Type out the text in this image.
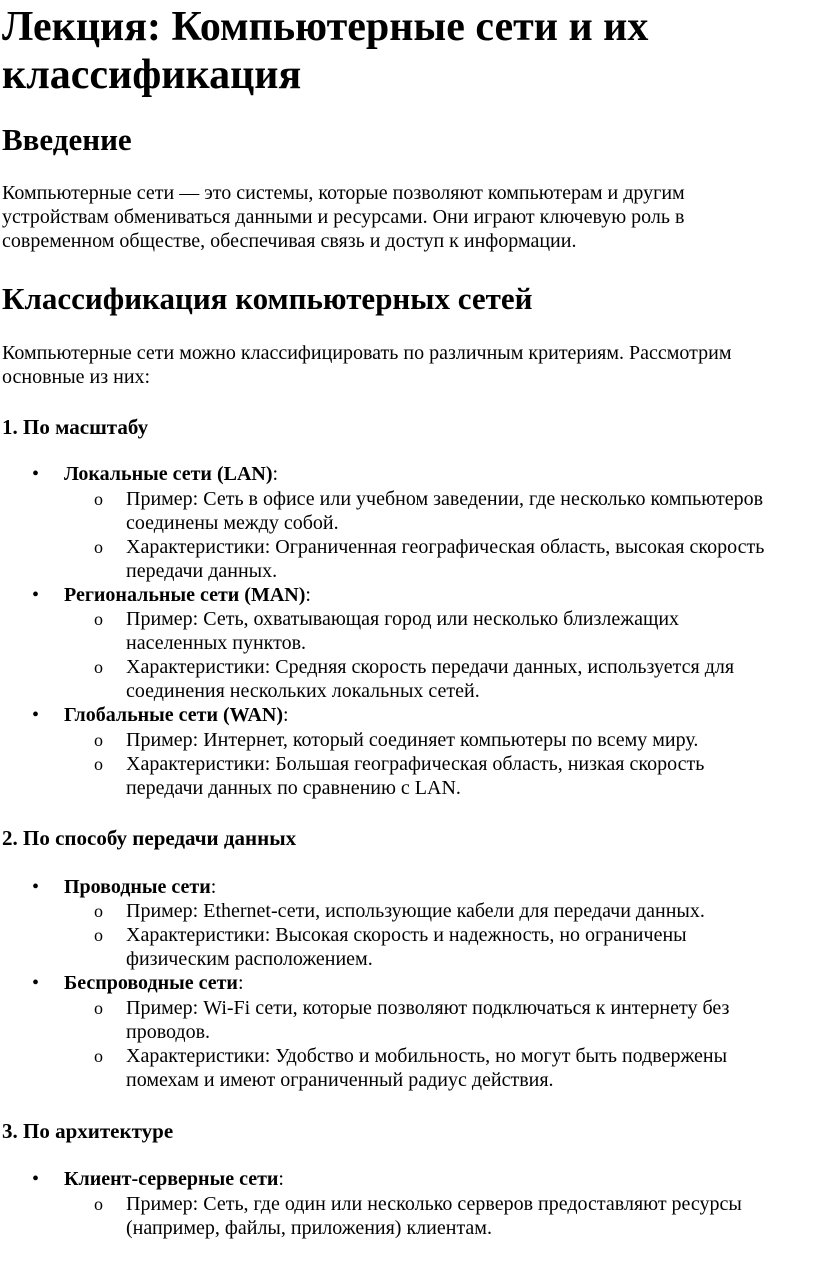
Лекция: Компьютерные сети и их
классификация
Введение
Компьютерные сети — это системы, которые позволяют компьютерам и другим
устройствам обмениваться данными и ресурсами. Они играют ключевую роль в
современном обществе, обеспечивая связь и доступ к информации.
Классификация компьютерных сетей
Компьютерные сети можно классифицировать по различным критериям. Рассмотрим
основные из них:
1. По масштабу
• Локальные сети (LAN):
o Пример: Сеть в офисе или учебном заведении, где несколько компьютеров
соединены между собой.
o Характеристики: Ограниченная географическая область, высокая скорость
передачи данных.
• Региональные сети (MAN):
o Пример: Сеть, охватывающая город или несколько близлежащих
населенных пунктов.
o Характеристики: Средняя скорость передачи данных, используется для
соединения нескольких локальных сетей.
• Глобальные сети (WAN):
o Пример: Интернет, который соединяет компьютеры по всему миру.
o Характеристики: Большая географическая область, низкая скорость
передачи данных по сравнению с LAN.
2. По способу передачи данных
• Проводные сети:
o Пример: Ethernet-сети, использующие кабели для передачи данных.
o Характеристики: Высокая скорость и надежность, но ограничены
физическим расположением.
• Беспроводные сети:
o Пример: Wi-Fi сети, которые позволяют подключаться к интернету без
проводов.
o Характеристики: Удобство и мобильность, но могут быть подвержены
помехам и имеют ограниченный радиус действия.
3. По архитектуре
• Клиент-серверные сети:
o Пример: Сеть, где один или несколько серверов предоставляют ресурсы
(например, файлы, приложения) клиентам.
